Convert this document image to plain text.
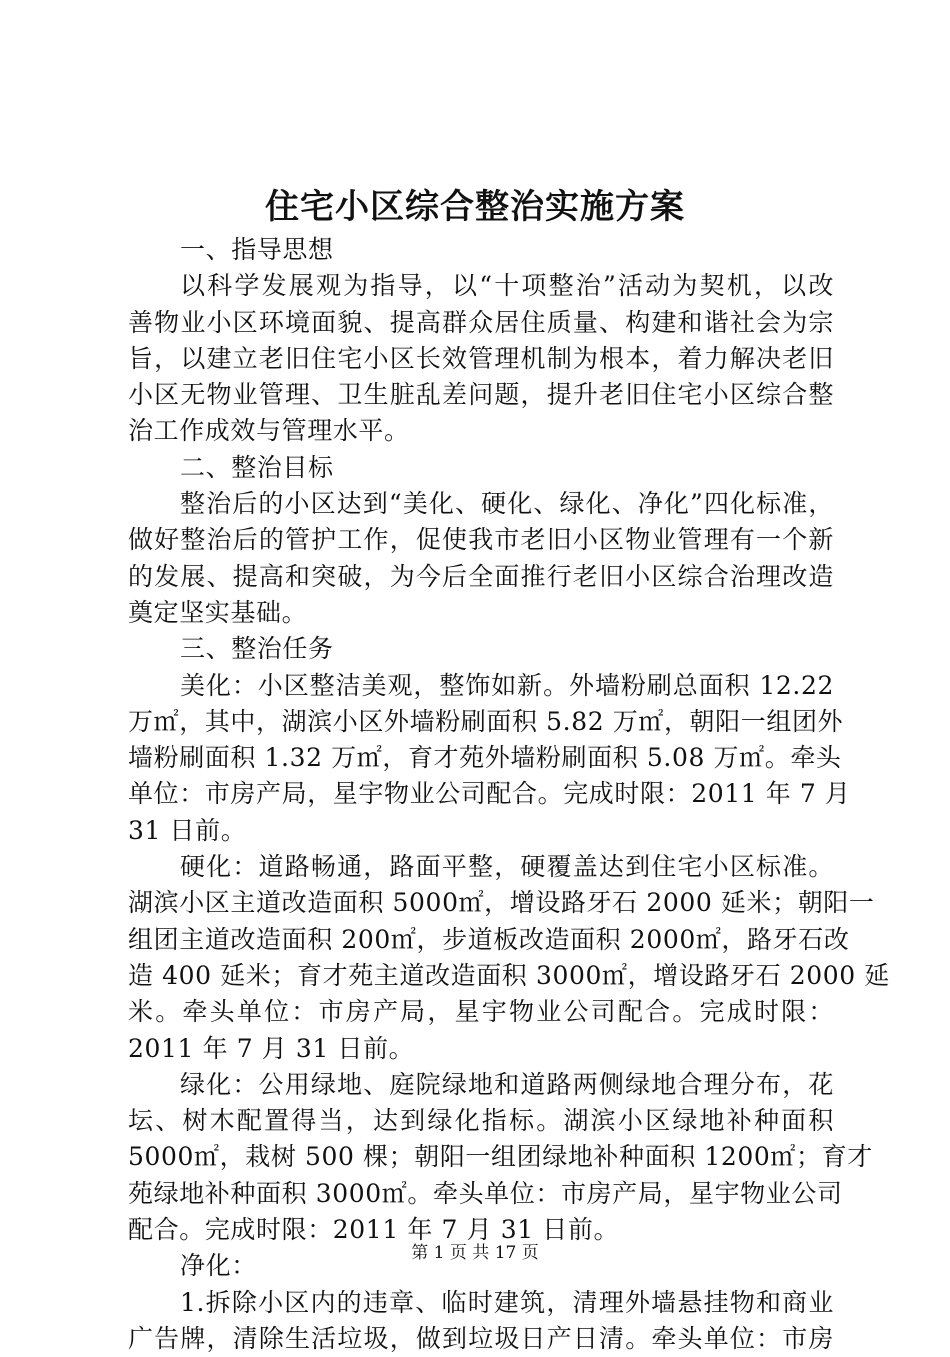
住宅小区综合整治实施方案
一、指导思想
以科学发展观为指导，以“十项整治”活动为契机，以改
善物业小区环境面貌、提高群众居住质量、构建和谐社会为宗
旨，以建立老旧住宅小区长效管理机制为根本，着力解决老旧
小区无物业管理、卫生脏乱差问题，提升老旧住宅小区综合整
治工作成效与管理水平。
二、整治目标
整治后的小区达到“美化、硬化、绿化、净化”四化标准，
做好整治后的管护工作，促使我市老旧小区物业管理有一个新
的发展、提高和突破，为今后全面推行老旧小区综合治理改造
奠定坚实基础。
三、整治任务
美化：小区整洁美观，整饰如新。外墙粉刷总面积 12.22
万㎡，其中，湖滨小区外墙粉刷面积 5.82 万㎡，朝阳一组团外
墙粉刷面积 1.32 万㎡，育才苑外墙粉刷面积 5.08 万㎡。牵头
单位：市房产局，星宇物业公司配合。完成时限：2011 年 7 月
31 日前。
硬化：道路畅通，路面平整，硬覆盖达到住宅小区标准。
湖滨小区主道改造面积 5000㎡，增设路牙石 2000 延米；朝阳一
组团主道改造面积 200㎡，步道板改造面积 2000㎡，路牙石改
造 400 延米；育才苑主道改造面积 3000㎡，增设路牙石 2000 延
米。牵头单位：市房产局，星宇物业公司配合。完成时限：
2011 年 7 月 31 日前。
绿化：公用绿地、庭院绿地和道路两侧绿地合理分布，花
坛、树木配置得当，达到绿化指标。湖滨小区绿地补种面积
5000㎡，栽树 500 棵；朝阳一组团绿地补种面积 1200㎡；育才
苑绿地补种面积 3000㎡。牵头单位：市房产局，星宇物业公司
配合。完成时限：2011 年 7 月 31 日前。
净化：
1.拆除小区内的违章、临时建筑，清理外墙悬挂物和商业
广告牌，清除生活垃圾，做到垃圾日产日清。牵头单位：市房
第 1 页 共 17 页
